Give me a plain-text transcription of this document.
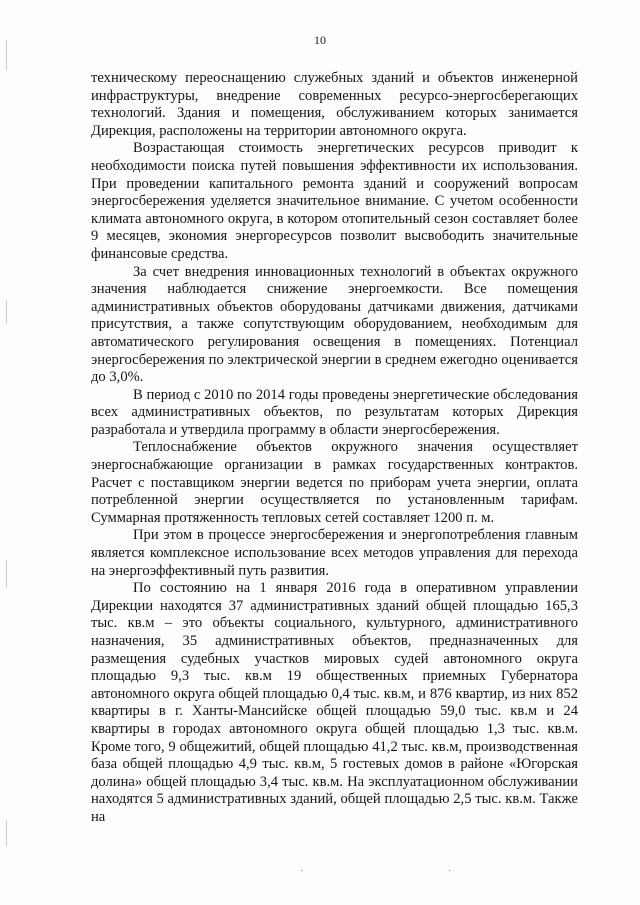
10

техническому переоснащению служебных зданий и объектов инженерной инфраструктуры, внедрение современных ресурсо-энергосберегающих технологий. Здания и помещения, обслуживанием которых занимается Дирекция, расположены на территории автономного округа.

Возрастающая стоимость энергетических ресурсов приводит к необходимости поиска путей повышения эффективности их использования. При проведении капитального ремонта зданий и сооружений вопросам энергосбережения уделяется значительное внимание. С учетом особенности климата автономного округа, в котором отопительный сезон составляет более 9 месяцев, экономия энергоресурсов позволит высвободить значительные финансовые средства.

За счет внедрения инновационных технологий в объектах окружного значения наблюдается снижение энергоемкости. Все помещения административных объектов оборудованы датчиками движения, датчиками присутствия, а также сопутствующим оборудованием, необходимым для автоматического регулирования освещения в помещениях. Потенциал энергосбережения по электрической энергии в среднем ежегодно оценивается до 3,0%.

В период с 2010 по 2014 годы проведены энергетические обследования всех административных объектов, по результатам которых Дирекция разработала и утвердила программу в области энергосбережения.

Теплоснабжение объектов окружного значения осуществляет энергоснабжающие организации в рамках государственных контрактов. Расчет с поставщиком энергии ведется по приборам учета энергии, оплата потребленной энергии осуществляется по установленным тарифам. Суммарная протяженность тепловых сетей составляет 1200 п. м.

При этом в процессе энергосбережения и энергопотребления главным является комплексное использование всех методов управления для перехода на энергоэффективный путь развития.

По состоянию на 1 января 2016 года в оперативном управлении Дирекции находятся 37 административных зданий общей площадью 165,3 тыс. кв.м – это объекты социального, культурного, административного назначения, 35 административных объектов, предназначенных для размещения судебных участков мировых судей автономного округа площадью 9,3 тыс. кв.м 19 общественных приемных Губернатора автономного округа общей площадью 0,4 тыс. кв.м, и 876 квартир, из них 852 квартиры в г. Ханты-Мансийске общей площадью 59,0 тыс. кв.м и 24 квартиры в городах автономного округа общей площадью 1,3 тыс. кв.м. Кроме того, 9 общежитий, общей площадью 41,2 тыс. кв.м, производственная база общей площадью 4,9 тыс. кв.м, 5 гостевых домов в районе «Югорская долина» общей площадью 3,4 тыс. кв.м. На эксплуатационном обслуживании находятся 5 административных зданий, общей площадью 2,5 тыс. кв.м. Также на

·	·
